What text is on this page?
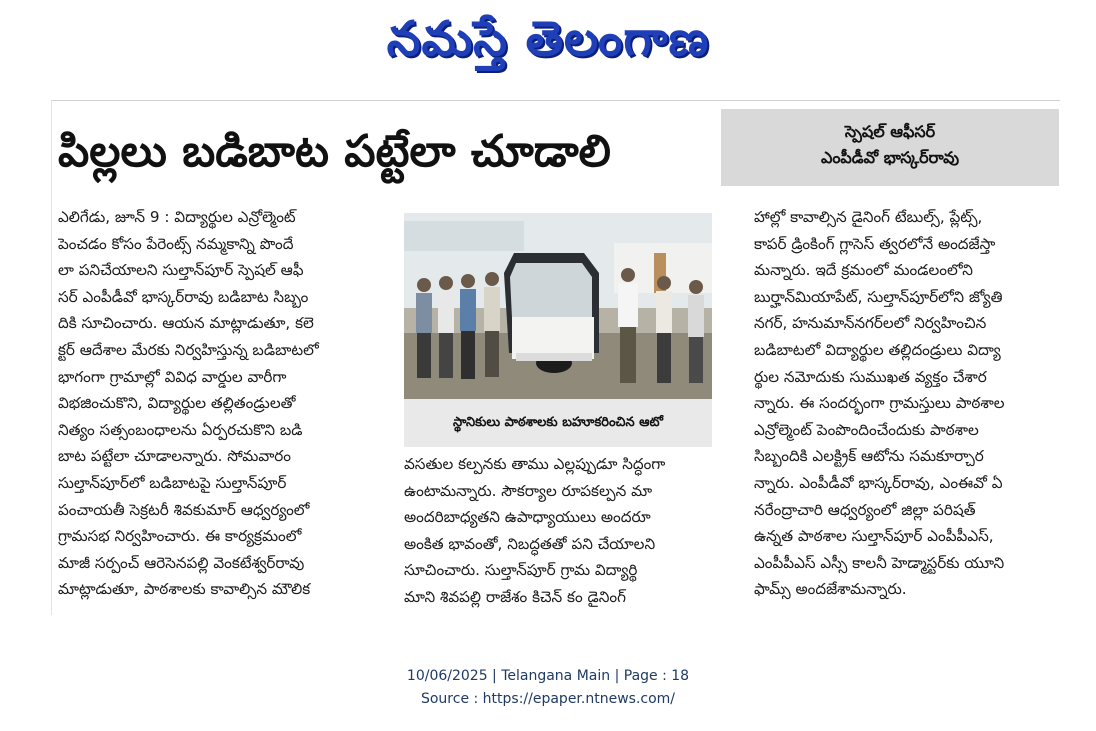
నమస్తే తెలంగాణ
పిల్లలు బడిబాట పట్టేలా చూడాలి	స్పెషల్ ఆఫీసర్
ఎంపీడీవో భాస్కర్‌రావు
ఎలిగేడు, జూన్ 9 : విద్యార్థుల ఎన్రోల్మెంట్
పెంచడం కోసం పేరెంట్స్ నమ్మకాన్ని పొందే
లా పనిచేయాలని సుల్తాన్‌పూర్ స్పెషల్ ఆఫీ
సర్ ఎంపీడీవో భాస్కర్‌రావు బడిబాట సిబ్బం
దికి సూచించారు. ఆయన మాట్లాడుతూ, కలె
క్టర్ ఆదేశాల మేరకు నిర్వహిస్తున్న బడిబాటలో
భాగంగా గ్రామాల్లో వివిధ వార్డుల వారీగా
విభజించుకొని, విద్యార్థుల తల్లితండ్రులతో
నిత్యం సత్సంబంధాలను ఏర్పరచుకొని బడి
బాట పట్టేలా చూడాలన్నారు. సోమవారం
సుల్తాన్‌పూర్‌లో బడిబాటపై సుల్తాన్‌పూర్
పంచాయతీ సెక్రటరీ శివకుమార్ ఆధ్వర్యంలో
గ్రామసభ నిర్వహించారు. ఈ కార్యక్రమంలో
మాజీ సర్పంచ్ ఆరెసెనపల్లి వెంకటేశ్వర్‌రావు
మాట్లాడుతూ, పాఠశాలకు కావాల్సిన మౌలిక
స్థానికులు పాఠశాలకు బహూకరించిన ఆటో
వసతుల కల్పనకు తాము ఎల్లప్పుడూ సిద్ధంగా
ఉంటామన్నారు. సౌకర్యాల రూపకల్పన మా
అందరిబాధ్యతని ఉపాధ్యాయులు అందరూ
అంకిత భావంతో, నిబద్ధతతో పని చేయాలని
సూచించారు. సుల్తాన్‌పూర్ గ్రామ విద్యార్థి
మాని శివపల్లి రాజేశం కిచెన్ కం డైనింగ్
హాల్లో కావాల్సిన డైనింగ్ టేబుల్స్, ప్లేట్స్,
కాపర్ డ్రింకింగ్ గ్లాసెస్ త్వరలోనే అందజేస్తా
మన్నారు. ఇదే క్రమంలో మండలంలోని
బుర్హాన్‌మియాపేట్, సుల్తాన్‌పూర్‌లోని జ్యోతి
నగర్, హనుమాన్‌నగర్‌లలో నిర్వహించిన
బడిబాటలో విద్యార్థుల తల్లిదండ్రులు విద్యా
ర్థుల నమోదుకు సుముఖత వ్యక్తం చేశార
న్నారు. ఈ సందర్భంగా గ్రామస్తులు పాఠశాల
ఎన్రోల్మెంట్ పెంపొందించేందుకు పాఠశాల
సిబ్బందికి ఎలక్ట్రిక్ ఆటోను సమకూర్చార
న్నారు. ఎంపీడీవో భాస్కర్‌రావు, ఎంఈవో ఏ
నరేంద్రాచారి ఆధ్వర్యంలో జిల్లా పరిషత్
ఉన్నత పాఠశాల సుల్తాన్‌పూర్ ఎంపీపీఎస్,
ఎంపీపీఎస్ ఎస్సీ కాలనీ హెడ్మాస్టర్‌కు యూని
ఫామ్స్ అందజేశామన్నారు.
10/06/2025 | Telangana Main | Page : 18
Source : https://epaper.ntnews.com/
